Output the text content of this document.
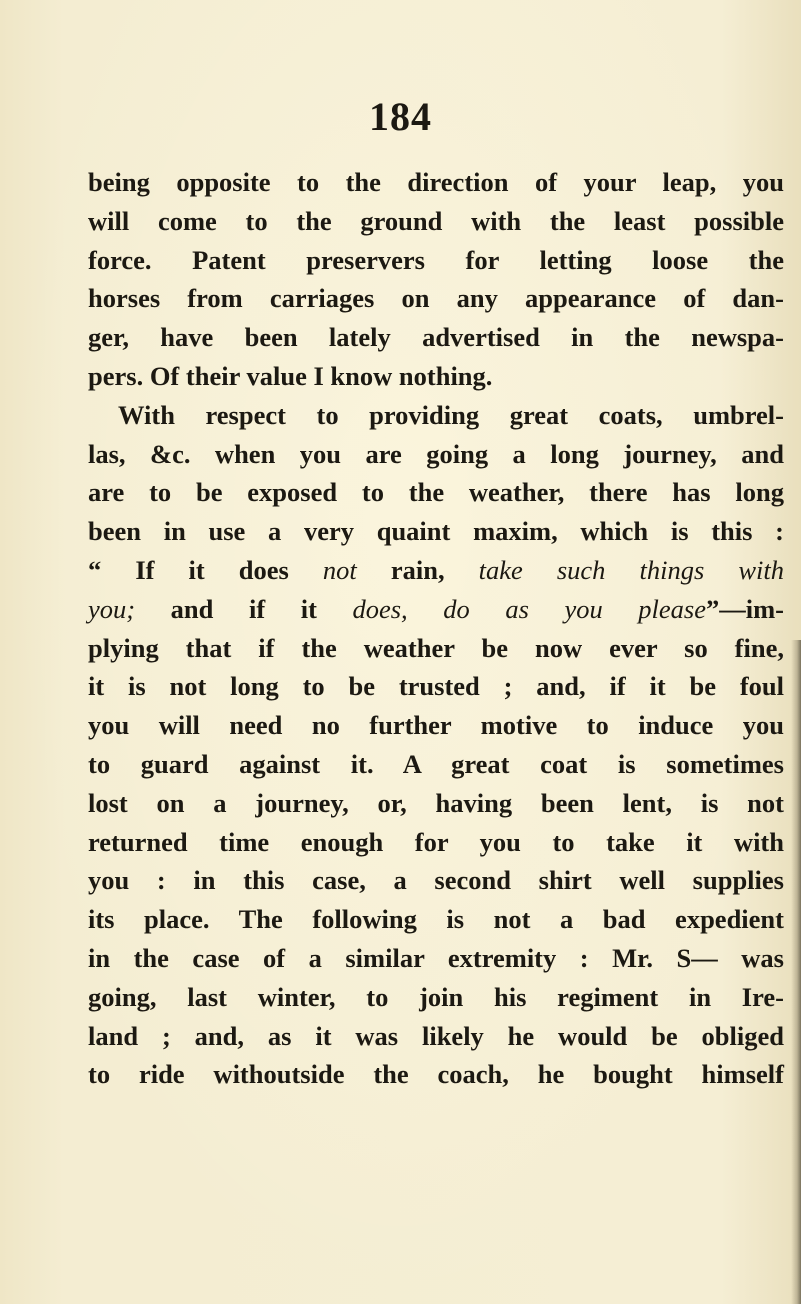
184
being opposite to the direction of your leap, you
will come to the ground with the least possible
force. Patent preservers for letting loose the
horses from carriages on any appearance of dan-
ger, have been lately advertised in the newspa-
pers. Of their value I know nothing.
With respect to providing great coats, umbrel-
las, &c. when you are going a long journey, and
are to be exposed to the weather, there has long
been in use a very quaint maxim, which is this :
“ If it does not rain, take such things with
you; and if it does, do as you please”—im-
plying that if the weather be now ever so fine,
it is not long to be trusted ; and, if it be foul
you will need no further motive to induce you
to guard against it. A great coat is sometimes
lost on a journey, or, having been lent, is not
returned time enough for you to take it with
you : in this case, a second shirt well supplies
its place. The following is not a bad expedient
in the case of a similar extremity : Mr. S— was
going, last winter, to join his regiment in Ire-
land ; and, as it was likely he would be obliged
to ride withoutside the coach, he bought himself
